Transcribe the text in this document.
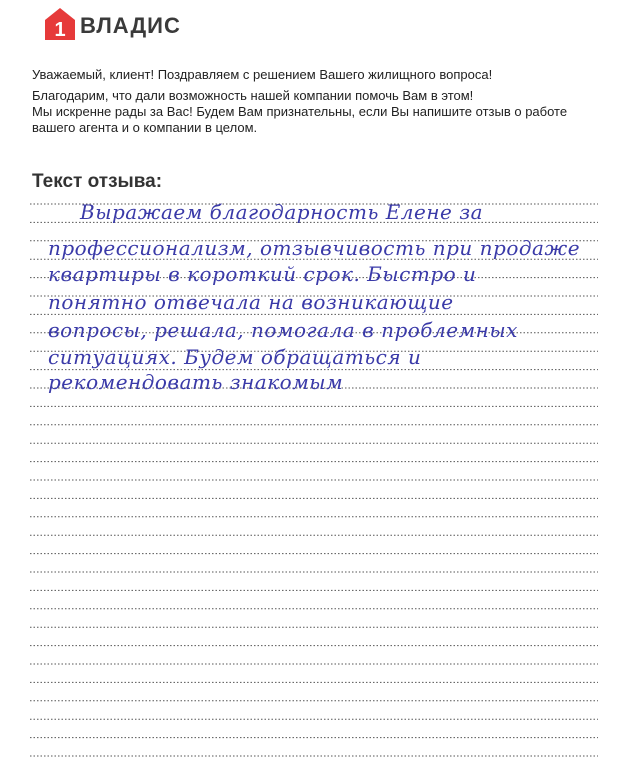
1 ВЛАДИС

Уважаемый, клиент! Поздравляем с решением Вашего жилищного вопроса!

Благодарим, что дали возможность нашей компании помочь Вам в этом!

Мы искренне рады за Вас! Будем Вам признательны, если Вы напишите отзыв о работе

вашего агента и о компании в целом.

Текст отзыва:
Выражаем благодарность Елене за
профессионализм, отзывчивость при продаже
квартиры в короткий срок. Быстро и
понятно отвечала на возникающие
вопросы, решала, помогала в проблемных
ситуациях. Будем обращаться и
рекомендовать знакомым
